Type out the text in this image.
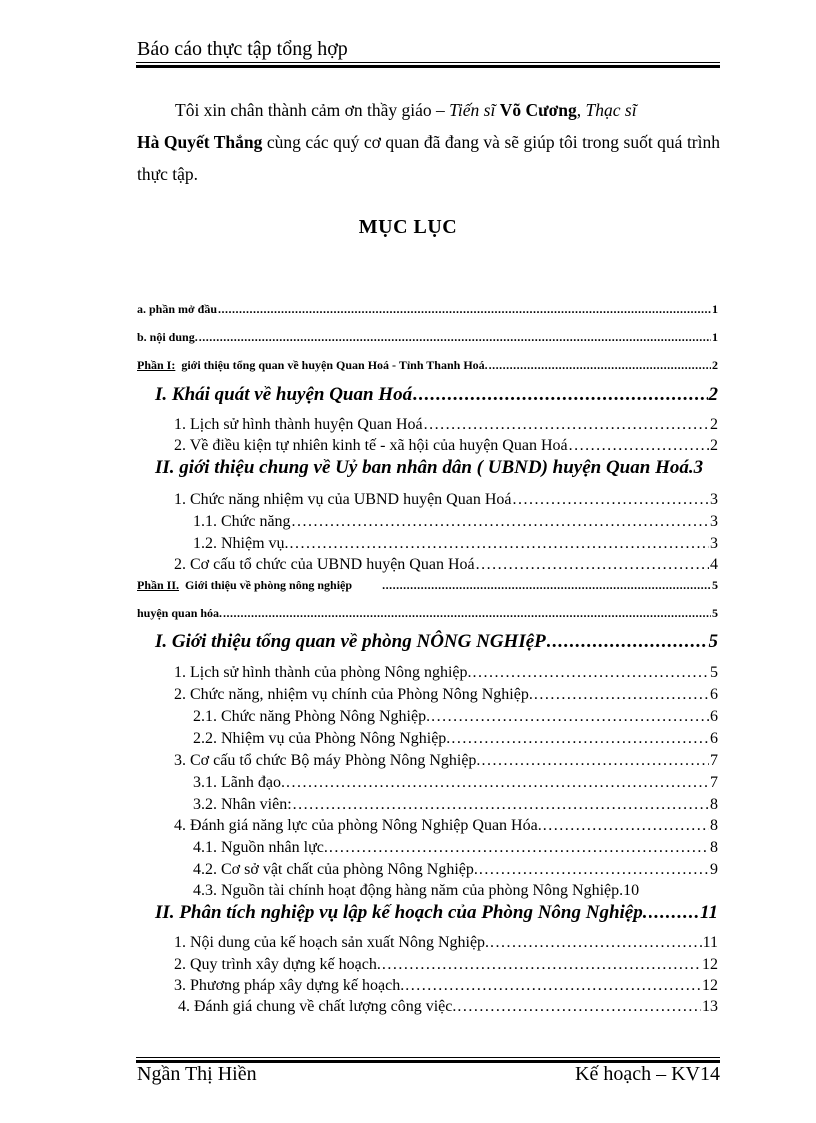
Báo cáo thực tập tổng hợp
Tôi xin chân thành cảm ơn thầy giáo – Tiến sĩ Võ Cương, Thạc sĩ
Hà Quyết Thắng cùng các quý cơ quan đã đang và sẽ giúp tôi trong suốt quá trình thực tập.
MỤC LỤC
a. phần mở đầu .....	1
b. nội dung. .....	1
Phần I: giới thiệu tổng quan về huyện Quan Hoá - Tỉnh Thanh Hoá. .....	2
I. Khái quát về huyện Quan Hoá .....	2
1. Lịch sử hình thành huyện Quan Hoá .....	2
2. Về điều kiện tự nhiên kinh tế - xã hội của huyện Quan Hoá .....	2
II. giới thiệu chung về Uỷ ban nhân dân ( UBND) huyện Quan Hoá. 3
1. Chức năng nhiệm vụ của UBND huyện Quan Hoá .....	3
1.1. Chức năng .....	3
1.2. Nhiệm vụ. .....	3
2. Cơ cấu tổ chức của UBND huyện Quan Hoá .....	4
Phần II. Giới thiệu về phòng nông nghiệp .....	5
huyện quan hóa. .....	5
I. Giới thiệu tổng quan về phòng NÔNG NGHIệP .....	5
1. Lịch sử hình thành của phòng Nông nghiệp. .....	5
2. Chức năng, nhiệm vụ chính của Phòng Nông Nghiệp. .....	6
2.1. Chức năng Phòng Nông Nghiệp. .....	6
2.2. Nhiệm vụ của Phòng Nông Nghiệp. .....	6
3. Cơ cấu tổ chức Bộ máy Phòng Nông Nghiệp. .....	7
3.1. Lãnh đạo. .....	7
3.2. Nhân viên: .....	8
4. Đánh giá năng lực của phòng Nông Nghiệp Quan Hóa. .....	8
4.1. Nguồn nhân lực. .....	8
4.2. Cơ sở vật chất của phòng Nông Nghiệp. .....	9
4.3. Nguồn tài chính hoạt động hàng năm của phòng Nông Nghiệp. 10
II. Phân tích nghiệp vụ lập kế hoạch của Phòng Nông Nghiệp. .....	11
1. Nội dung của kế hoạch sản xuất Nông Nghiệp. .....	11
2. Quy trình xây dựng kế hoạch. .....	12
3. Phương pháp xây dựng kế hoạch. .....	12
4. Đánh giá chung về chất lượng công việc. .....	13
Ngần Thị Hiền	Kế hoạch – KV14
